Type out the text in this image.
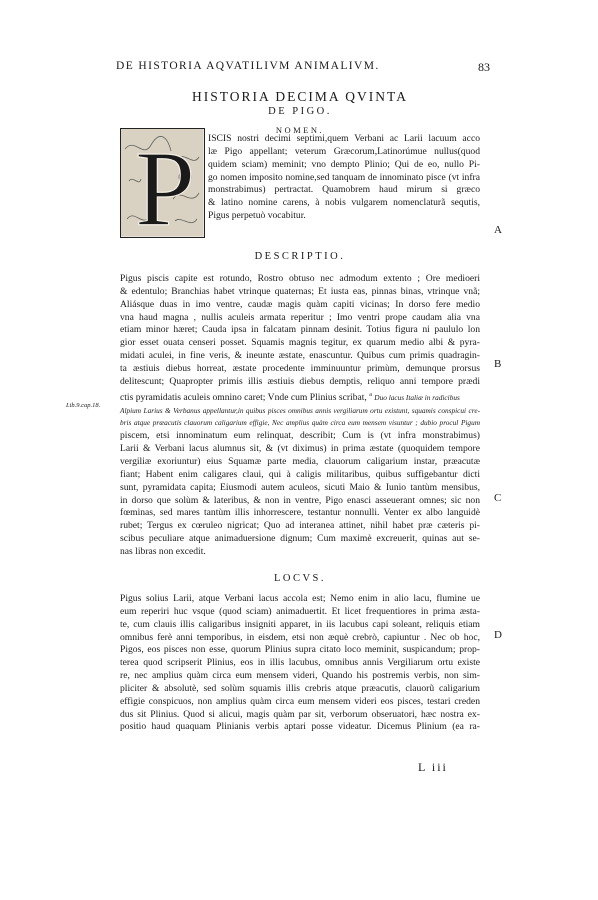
DE HISTORIA AQVATILIVM ANIMALIVM.	83
HISTORIA DECIMA QVINTA
DE PIGO.
NOMEN.
P ISCIS nostri decimi septimi,quem Verbani ac Larii lacuum acco
læ Pigo appellant; veterum Græcorum,Latinorúmue nullus(quod
quidem sciam) meminit; vno dempto Plinio; Qui de eo, nullo Pi-
go nomen imposito nomine,sed tanquam de innominato pisce (vt infra
monstrabimus) pertractat. Quamobrem haud mirum si græco
& latino nomine carens, à nobis vulgarem nomenclaturã sequtis,
Pigus perpetuò vocabitur.
A
DESCRIPTIO.
Pigus piscis capite est rotundo, Rostro obtuso nec admodum extento ; Ore medioeri
& edentulo; Branchias habet vtrinque quaternas; Et iusta eas, pinnas binas, vtrinque vnã;
Aliásque duas in imo ventre, caudæ magis quàm capiti vicinas; In dorso fere medio
vna haud magna , nullis aculeis armata reperitur ; Imo ventri prope caudam alia vna
etiam minor hæret; Cauda ipsa in falcatam pinnam desinit. Totius figura ni paululo lon
gior esset ouata censeri posset. Squamis magnis tegitur, ex quarum medio albi & pyra-
midati aculei, in fine veris, & ineunte æstate, enascuntur. Quibus cum primis quadragin-
ta æstiuis diebus horreat, æstate procedente imminuuntur primùm, demunque prorsus
delitescunt; Quapropter primis illis æstiuis diebus demptis, reliquo anni tempore prædi
ctis pyramidatis aculeis omnino caret; Vnde cum Plinius scribat, $^a$ Duo lacus Italiæ in radicibus
Alpium Larius & Verbanus appellantur,in quibus pisces omnibus annis vergiliarum ortu existunt, squamis conspicui cre-
bris atque præacutis clauorum caligarium effigie, Nec amplius quàm circa eum mensem visuntur ; dubio procul Pigum
piscem, etsi innominatum eum relinquat, describit; Cum is (vt infra monstrabimus)
Larii & Verbani lacus alumnus sit, & (vt diximus) in prima æstate (quoquidem tempore
vergiliæ exoriuntur) eius Squamæ parte media, clauorum caligarium instar, præacutæ
fiant; Habent enim caligares claui, qui à caligis militaribus, quibus suffigebantur dicti
sunt, pyramidata capita; Eiusmodi autem aculeos, sicuti Maio & Iunio tantùm mensibus,
in dorso que solùm & lateribus, & non in ventre, Pigo enasci asseuerant omnes; sic non
fœminas, sed mares tantùm illis inhorrescere, testantur nonnulli. Venter ex albo languidè
rubet; Tergus ex cœruleo nigricat; Quo ad interanea attinet, nihil habet præ cæteris pi-
scibus peculiare atque animaduersione dignum; Cum maximè excreuerit, quinas aut se-
nas libras non excedit.
Lib.9.cap.18.
B
C
LOCVS.
Pigus solius Larii, atque Verbani lacus accola est; Nemo enim in alio lacu, flumine ue
eum reperiri huc vsque (quod sciam) animaduertit. Et licet frequentiores in prima æsta-
te, cum clauis illis caligaribus insigniti apparet, in iis lacubus capi soleant, reliquis etiam
omnibus ferè anni temporibus, in eisdem, etsi non æquè crebrò, capiuntur . Nec ob hoc,
Pigos, eos pisces non esse, quorum Plinius supra citato loco meminit, suspicandum; prop-
terea quod scripserit Plinius, eos in illis lacubus, omnibus annis Vergiliarum ortu existe
re, nec amplius quàm circa eum mensem videri, Quando his postremis verbis, non sim-
pliciter & absolutè, sed solùm squamis illis crebris atque præacutis, clauorũ caligarium
effigie conspicuos, non amplius quàm circa eum mensem videri eos pisces, testari creden
dus sit Plinius. Quod si alicui, magis quàm par sit, verborum obseruatori, hæc nostra ex-
positio haud quaquam Plinianis verbis aptari posse videatur. Dicemus Plinium (ea ra-
D
L iii
